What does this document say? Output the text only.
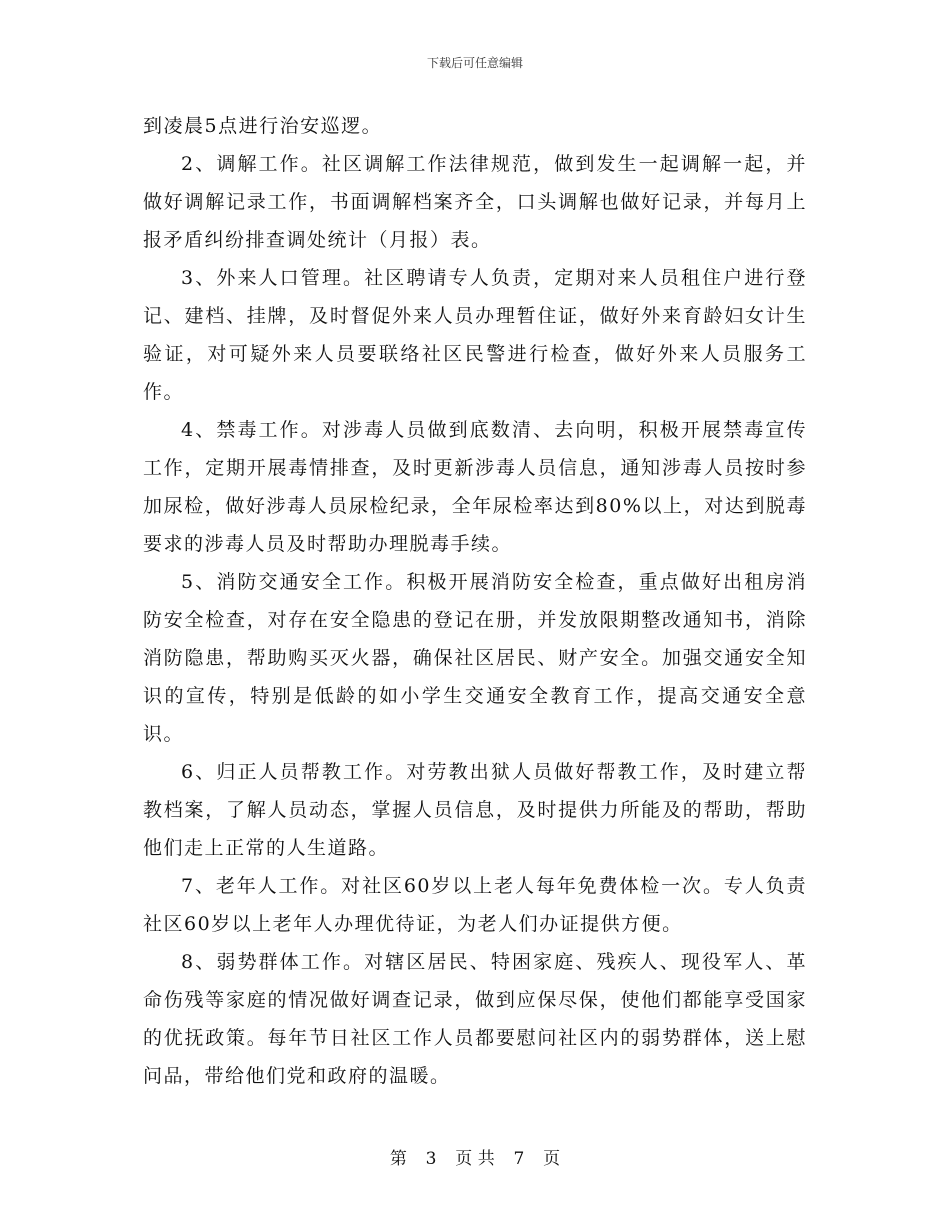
下载后可任意编辑

到凌晨5点进行治安巡逻。

2、调解工作。社区调解工作法律规范，做到发生一起调解一起，并做好调解记录工作，书面调解档案齐全，口头调解也做好记录，并每月上报矛盾纠纷排查调处统计（月报）表。

3、外来人口管理。社区聘请专人负责，定期对来人员租住户进行登记、建档、挂牌，及时督促外来人员办理暂住证，做好外来育龄妇女计生验证，对可疑外来人员要联络社区民警进行检查，做好外来人员服务工作。

4、禁毒工作。对涉毒人员做到底数清、去向明，积极开展禁毒宣传工作，定期开展毒情排查，及时更新涉毒人员信息，通知涉毒人员按时参加尿检，做好涉毒人员尿检纪录，全年尿检率达到80%以上，对达到脱毒要求的涉毒人员及时帮助办理脱毒手续。

5、消防交通安全工作。积极开展消防安全检查，重点做好出租房消防安全检查，对存在安全隐患的登记在册，并发放限期整改通知书，消除消防隐患，帮助购买灭火器，确保社区居民、财产安全。加强交通安全知识的宣传，特别是低龄的如小学生交通安全教育工作，提高交通安全意识。

6、归正人员帮教工作。对劳教出狱人员做好帮教工作，及时建立帮教档案，了解人员动态，掌握人员信息，及时提供力所能及的帮助，帮助他们走上正常的人生道路。

7、老年人工作。对社区60岁以上老人每年免费体检一次。专人负责社区60岁以上老年人办理优待证，为老人们办证提供方便。

8、弱势群体工作。对辖区居民、特困家庭、残疾人、现役军人、革命伤残等家庭的情况做好调查记录，做到应保尽保，使他们都能享受国家的优抚政策。每年节日社区工作人员都要慰问社区内的弱势群体，送上慰问品，带给他们党和政府的温暖。

第 3 页 共 7 页
